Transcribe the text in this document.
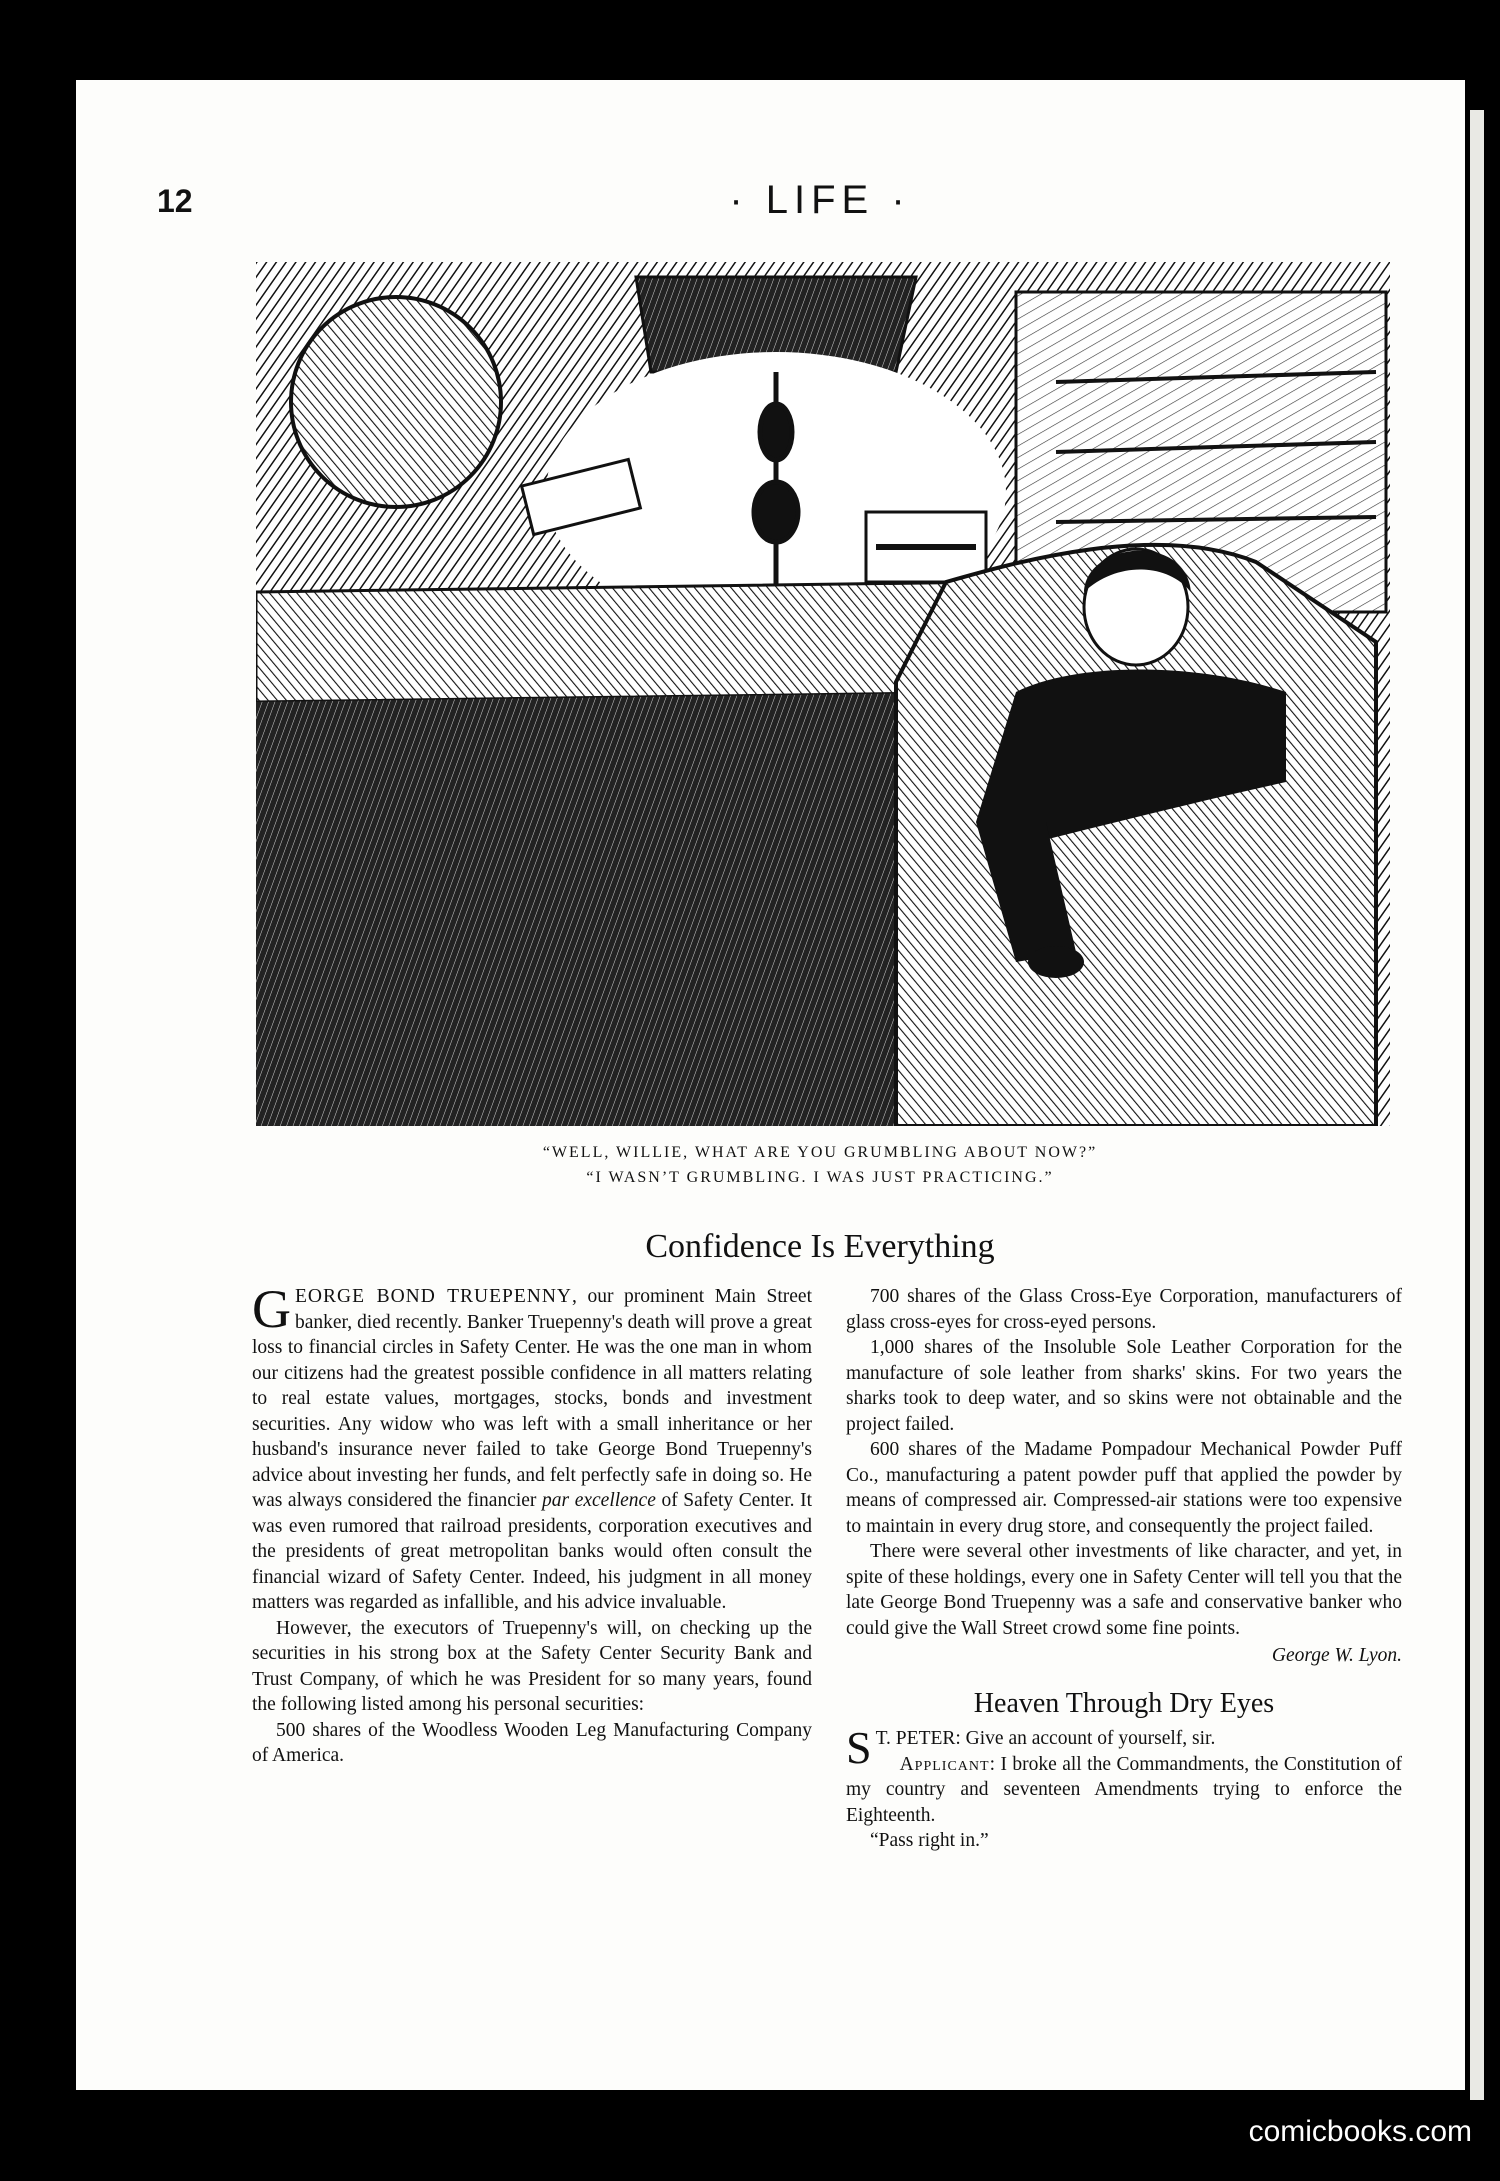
12	· LIFE ·
“WELL, WILLIE, WHAT ARE YOU GRUMBLING ABOUT NOW?”
“I WASN’T GRUMBLING. I WAS JUST PRACTICING.”
Confidence Is Everything

GEORGE BOND TRUEPENNY, our prominent Main Street banker, died recently. Banker Truepenny's death will prove a great loss to financial circles in Safety Center. He was the one man in whom our citizens had the greatest possible confidence in all matters relating to real estate values, mortgages, stocks, bonds and investment securities. Any widow who was left with a small inheritance or her husband's insurance never failed to take George Bond Truepenny's advice about investing her funds, and felt perfectly safe in doing so. He was always considered the financier par excellence of Safety Center. It was even rumored that railroad presidents, corporation executives and the presidents of great metropolitan banks would often consult the financial wizard of Safety Center. Indeed, his judgment in all money matters was regarded as infallible, and his advice invaluable.

However, the executors of Truepenny's will, on checking up the securities in his strong box at the Safety Center Security Bank and Trust Company, of which he was President for so many years, found the following listed among his personal securities:

500 shares of the Woodless Wooden Leg Manufacturing Company of America.

700 shares of the Glass Cross-Eye Corporation, manufacturers of glass cross-eyes for cross-eyed persons.

1,000 shares of the Insoluble Sole Leather Corporation for the manufacture of sole leather from sharks' skins. For two years the sharks took to deep water, and so skins were not obtainable and the project failed.

600 shares of the Madame Pompadour Mechanical Powder Puff Co., manufacturing a patent powder puff that applied the powder by means of compressed air. Compressed-air stations were too expensive to maintain in every drug store, and consequently the project failed.

There were several other investments of like character, and yet, in spite of these holdings, every one in Safety Center will tell you that the late George Bond Truepenny was a safe and conservative banker who could give the Wall Street crowd some fine points.

George W. Lyon.
Heaven Through Dry Eyes

S T. PETER: Give an account of yourself, sir.

Applicant: I broke all the Commandments, the Constitution of my country and seventeen Amendments trying to enforce the Eighteenth.

“Pass right in.”

comicbooks.com
